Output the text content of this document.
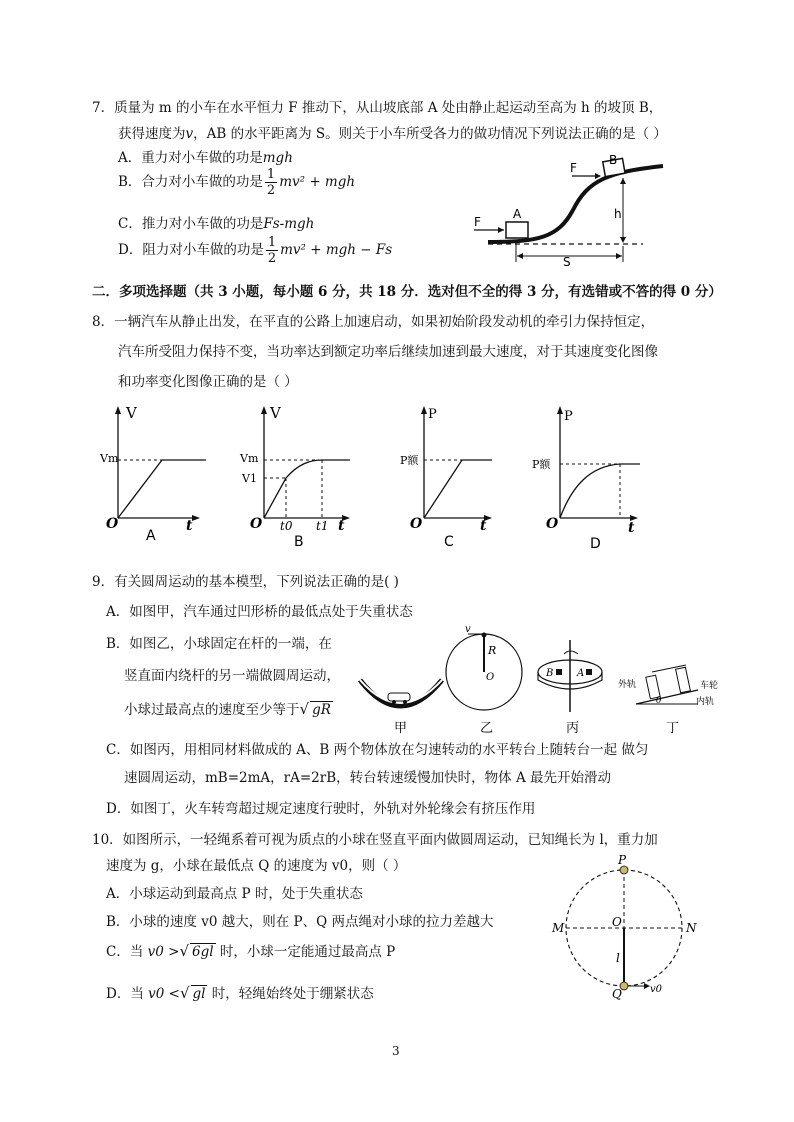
7．质量为 m 的小车在水平恒力 F 推动下，从山坡底部 A 处由静止起运动至高为 h 的坡顶 B，
获得速度为v，AB 的水平距离为 S。则关于小车所受各力的做功情况下列说法正确的是（ ）
A．重力对小车做的功是mgh
B．合力对小车做的功是 $\frac{1}{2} mv^2$ + mgh
C．推力对小车做的功是Fs-mgh
D．阻力对小车做的功是 $\frac{1}{2} mv^2$ + mgh − Fs
A
F
B
F
h
S
二．多项选择题（共 3 小题，每小题 6 分，共 18 分．选对但不全的得 3 分，有选错或不答的得 0 分）
8．一辆汽车从静止出发，在平直的公路上加速启动，如果初始阶段发动机的牵引力保持恒定，
汽车所受阻力保持不变，当功率达到额定功率后继续加速到最大速度，对于其速度变化图像
和功率变化图像正确的是（ ）
V
Vm
O	t
A
V
Vm
V1
O t0 t1 t
B
P
P额
O	t
C
P
P额
O	t
D
9．有关圆周运动的基本模型，下列说法正确的是( )
A．如图甲，汽车通过凹形桥的最低点处于失重状态
B．如图乙，小球固定在杆的一端，在
竖直面内绕杆的另一端做圆周运动，
小球过最高点的速度至少等于√ gR
C．如图丙，用相同材料做成的 A、B 两个物体放在匀速转动的水平转台上随转台一起 做匀
速圆周运动，mB=2mA，rA=2rB，转台转速缓慢加快时，物体 A 最先开始滑动
D．如图丁，火车转弯超过规定速度行驶时，外轨对外轮缘会有挤压作用
甲
v
R
O
乙
B A
丙
外轨	车轮
内轨
θ
丁
10．如图所示，一轻绳系着可视为质点的小球在竖直平面内做圆周运动，已知绳长为 l，重力加
速度为 g，小球在最低点 Q 的速度为 v0，则（ ）
A．小球运动到最高点 P 时，处于失重状态
B．小球的速度 v0 越大，则在 P、Q 两点绳对小球的拉力差越大
C．当 v0 >√ 6gl 时，小球一定能通过最高点 P
D．当 v0 <√ gl 时，轻绳始终处于绷紧状态
P
O
M	N
l
Q	v0
3
